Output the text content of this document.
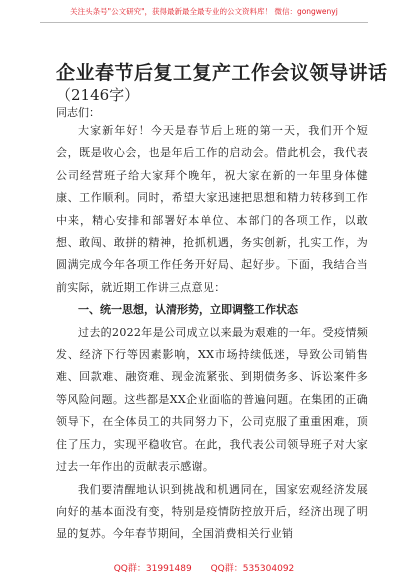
关注头条号"公文研究"，获得最新最全最专业的公文资料库！ 微信：gongwenyj
企业春节后复工复产工作会议领导讲话
（2146字）
同志们：

大家新年好！今天是春节后上班的第一天，我们开个短会，既是收心会，也是年后工作的启动会。借此机会，我代表公司经营班子给大家拜个晚年，祝大家在新的一年里身体健康、工作顺利。同时，希望大家迅速把思想和精力转移到工作中来，精心安排和部署好本单位、本部门的各项工作，以敢想、敢闯、敢拼的精神，抢抓机遇，务实创新，扎实工作，为圆满完成今年各项工作任务开好局、起好步。下面，我结合当前实际，就近期工作讲三点意见：

一、统一思想，认清形势，立即调整工作状态

过去的2022年是公司成立以来最为艰难的一年。受疫情频发、经济下行等因素影响，XX市场持续低迷，导致公司销售难、回款难、融资难、现金流紧张、到期债务多、诉讼案件多等风险问题。这些都是XX企业面临的普遍问题。在集团的正确领导下，在全体员工的共同努力下，公司克服了重重困难，顶住了压力，实现平稳收官。在此，我代表公司领导班子对大家过去一年作出的贡献表示感谢。

我们要清醒地认识到挑战和机遇同在，国家宏观经济发展向好的基本面没有变，特别是疫情防控放开后，经济出现了明显的复苏。今年春节期间，全国消费相关行业销

QQ群：31991489 QQ群：535304092
